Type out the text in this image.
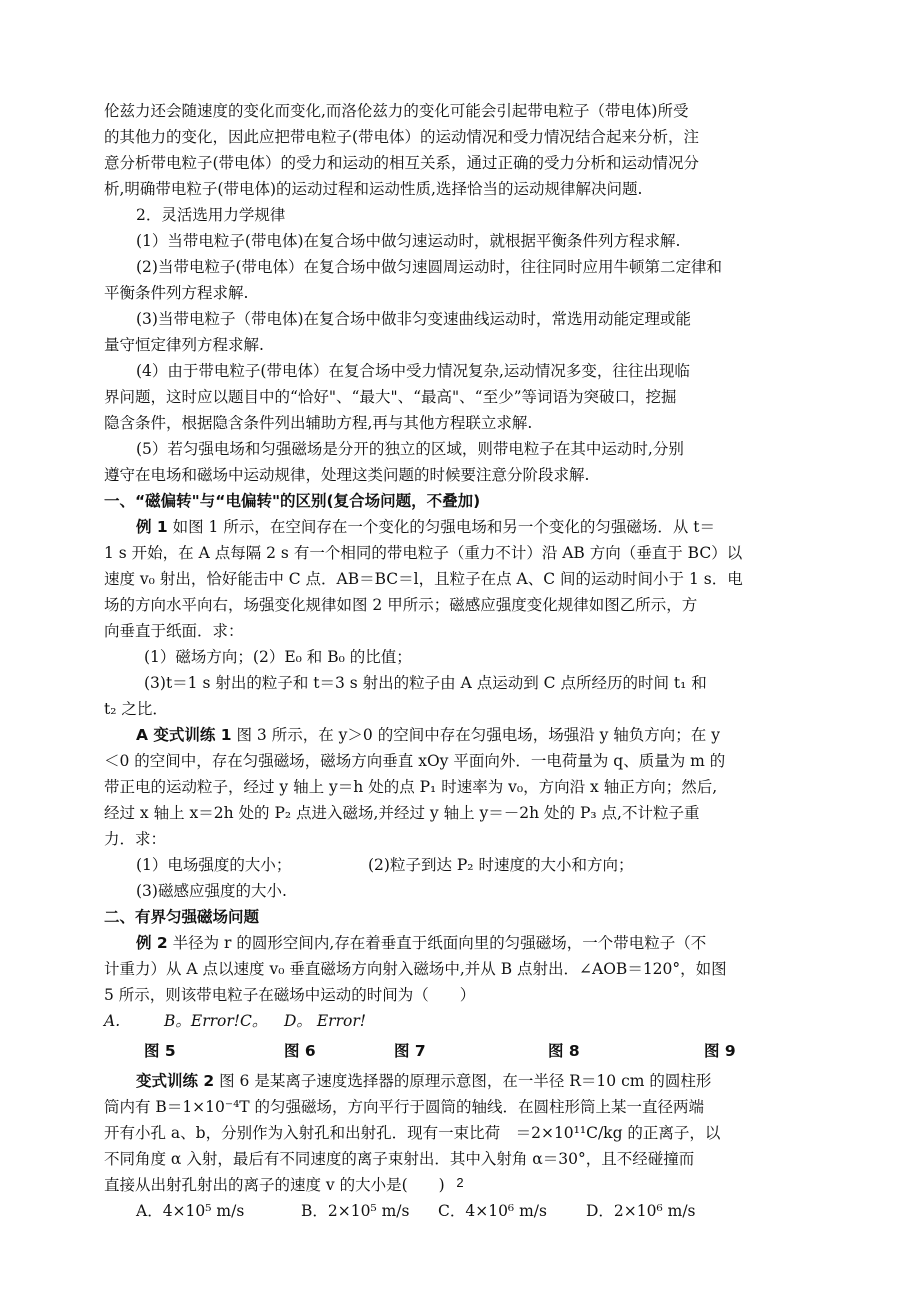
伦兹力还会随速度的变化而变化,而洛伦兹力的变化可能会引起带电粒子（带电体)所受

的其他力的变化，因此应把带电粒子(带电体）的运动情况和受力情况结合起来分析，注

意分析带电粒子(带电体）的受力和运动的相互关系，通过正确的受力分析和运动情况分

析,明确带电粒子(带电体)的运动过程和运动性质,选择恰当的运动规律解决问题.

2．灵活选用力学规律

(1）当带电粒子(带电体)在复合场中做匀速运动时，就根据平衡条件列方程求解.

(2)当带电粒子(带电体）在复合场中做匀速圆周运动时，往往同时应用牛顿第二定律和

平衡条件列方程求解.

(3)当带电粒子（带电体)在复合场中做非匀变速曲线运动时，常选用动能定理或能

量守恒定律列方程求解.

(4）由于带电粒子(带电体）在复合场中受力情况复杂,运动情况多变，往往出现临

界问题，这时应以题目中的“恰好"、“最大"、“最高"、“至少”等词语为突破口，挖掘

隐含条件，根据隐含条件列出辅助方程,再与其他方程联立求解.

(5）若匀强电场和匀强磁场是分开的独立的区域，则带电粒子在其中运动时,分别

遵守在电场和磁场中运动规律，处理这类问题的时候要注意分阶段求解.

一、“磁偏转"与“电偏转"的区别(复合场问题，不叠加)

例 1 如图 1 所示，在空间存在一个变化的匀强电场和另一个变化的匀强磁场．从 t＝

1 s 开始，在 A 点每隔 2 s 有一个相同的带电粒子（重力不计）沿 AB 方向（垂直于 BC）以

速度 v₀ 射出，恰好能击中 C 点．AB＝BC＝l，且粒子在点 A、C 间的运动时间小于 1 s．电

场的方向水平向右，场强变化规律如图 2 甲所示；磁感应强度变化规律如图乙所示，方

向垂直于纸面．求：

(1）磁场方向；(2）E₀ 和 B₀ 的比值；

(3)t＝1 s 射出的粒子和 t＝3 s 射出的粒子由 A 点运动到 C 点所经历的时间 t₁ 和

t₂ 之比．

A 变式训练 1 图 3 所示，在 y＞0 的空间中存在匀强电场，场强沿 y 轴负方向；在 y

＜0 的空间中，存在匀强磁场，磁场方向垂直 xOy 平面向外．一电荷量为 q、质量为 m 的

带正电的运动粒子，经过 y 轴上 y＝h 处的点 P₁ 时速率为 v₀，方向沿 x 轴正方向；然后,

经过 x 轴上 x＝2h 处的 P₂ 点进入磁场,并经过 y 轴上 y＝－2h 处的 P₃ 点,不计粒子重

力．求：

(1）电场强度的大小；	(2)粒子到达 P₂ 时速度的大小和方向；

(3)磁感应强度的大小.

二、有界匀强磁场问题

例 2 半径为 r 的圆形空间内,存在着垂直于纸面向里的匀强磁场，一个带电粒子（不

计重力）从 A 点以速度 v₀ 垂直磁场方向射入磁场中,并从 B 点射出．∠AOB＝120°，如图

5 所示，则该带电粒子在磁场中运动的时间为（　　）

A.	B。Error!C。	D。 Error!
图 5	图 6	图 7	图 8	图 9

变式训练 2 图 6 是某离子速度选择器的原理示意图，在一半径 R＝10 cm 的圆柱形

筒内有 B＝1×10⁻⁴T 的匀强磁场，方向平行于圆筒的轴线．在圆柱形筒上某一直径两端

开有小孔 a、b，分别作为入射孔和出射孔．现有一束比荷　＝2×10¹¹C/kg 的正离子，以

不同角度 α 入射，最后有不同速度的离子束射出．其中入射角 α＝30°，且不经碰撞而

直接从出射孔射出的离子的速度 v 的大小是(　　)

A．4×10⁵ m/s	B．2×10⁵ m/s	C．4×10⁶ m/s	D．2×10⁶ m/s
2
